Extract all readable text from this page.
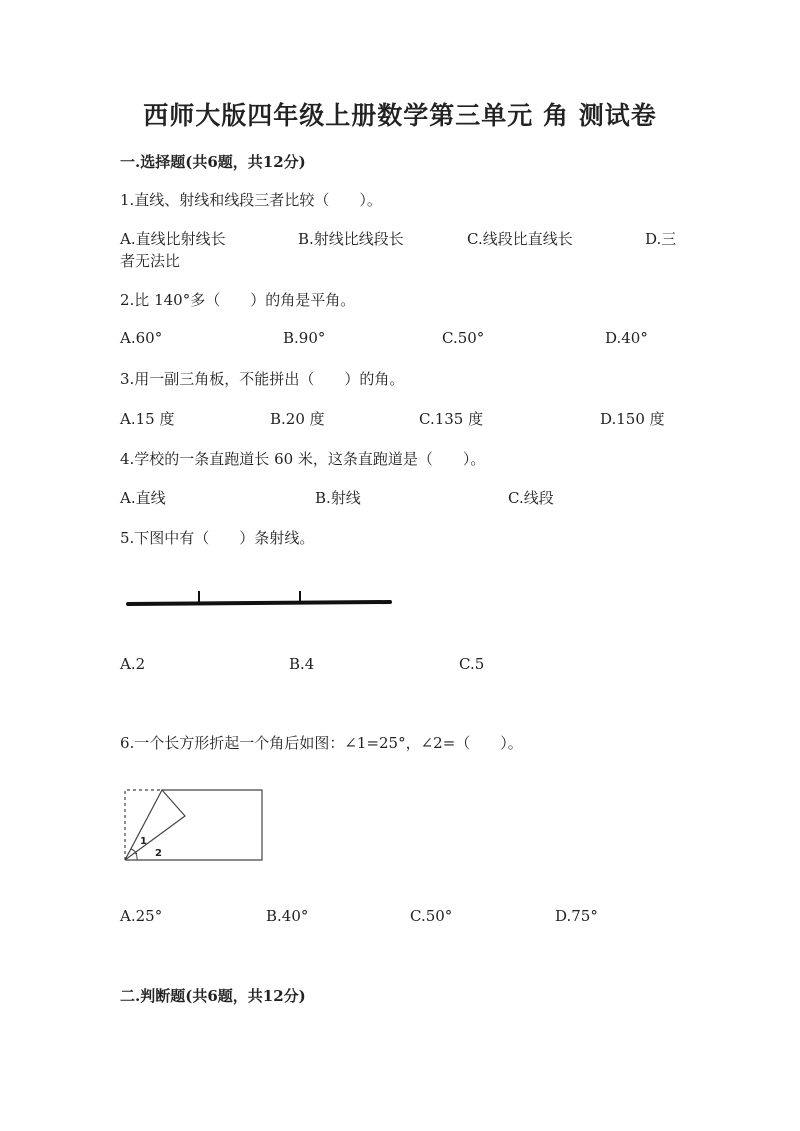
西师大版四年级上册数学第三单元 角 测试卷

一.选择题(共6题，共12分)

1.直线、射线和线段三者比较（　　）。

A.直线比射线长	B.射线比线段长	C.线段比直线长	D.三
者无法比

2.比 140°多（　　）的角是平角。

A.60°	B.90°	C.50°	D.40°

3.用一副三角板，不能拼出（　　）的角。

A.15 度	B.20 度	C.135 度	D.150 度

4.学校的一条直跑道长 60 米，这条直跑道是（　　）。

A.直线	B.射线	C.线段

5.下图中有（　　）条射线。

A.2	B.4	C.5

6.一个长方形折起一个角后如图：∠1=25°，∠2=（　　）。

1
2
A.25°	B.40°	C.50°	D.75°

二.判断题(共6题，共12分)
